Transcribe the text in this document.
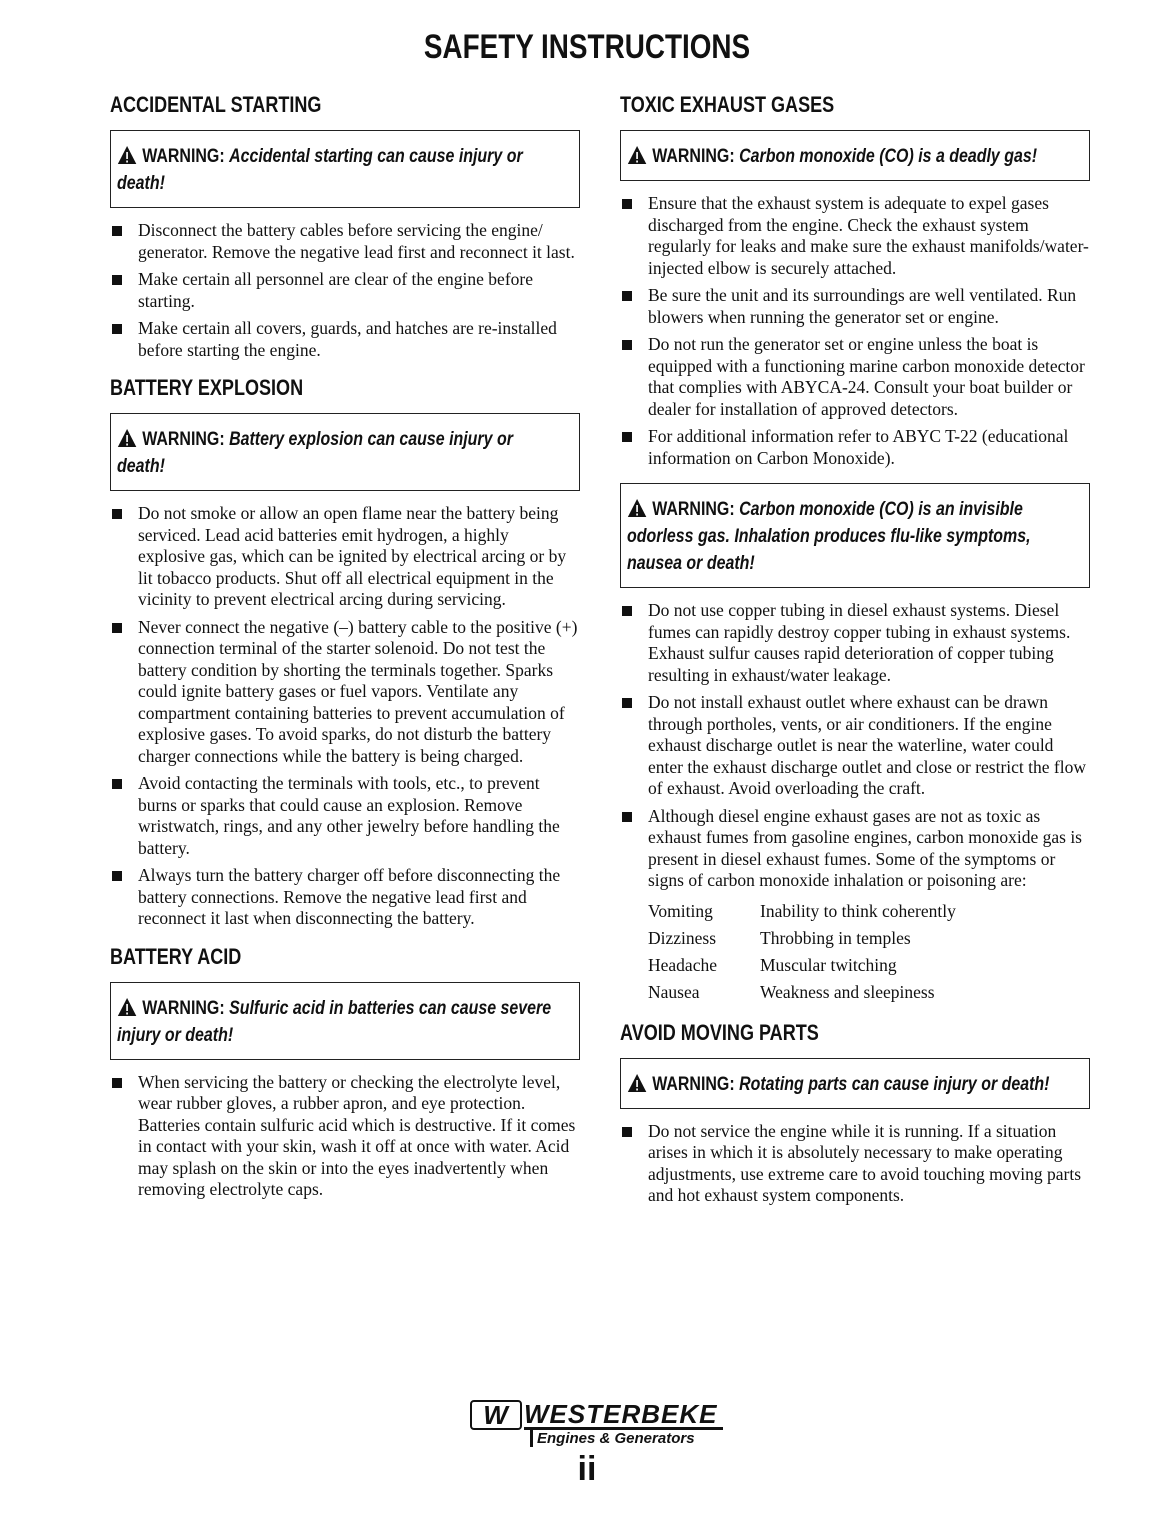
SAFETY INSTRUCTIONS
ACCIDENTAL STARTING
WARNING: Accidental starting can cause injury or death!
Disconnect the battery cables before servicing the engine/ generator. Remove the negative lead first and reconnect it last.
Make certain all personnel are clear of the engine before starting.
Make certain all covers, guards, and hatches are re-installed before starting the engine.
BATTERY EXPLOSION
WARNING: Battery explosion can cause injury or death!
Do not smoke or allow an open flame near the battery being serviced. Lead acid batteries emit hydrogen, a highly explosive gas, which can be ignited by electrical arcing or by lit tobacco products. Shut off all electrical equipment in the vicinity to prevent electrical arcing during servicing.
Never connect the negative (–) battery cable to the positive (+) connection terminal of the starter solenoid. Do not test the battery condition by shorting the terminals together. Sparks could ignite battery gases or fuel vapors. Ventilate any compartment containing batteries to prevent accumulation of explosive gases. To avoid sparks, do not disturb the battery charger connections while the battery is being charged.
Avoid contacting the terminals with tools, etc., to prevent burns or sparks that could cause an explosion. Remove wristwatch, rings, and any other jewelry before handling the battery.
Always turn the battery charger off before disconnecting the battery connections. Remove the negative lead first and reconnect it last when disconnecting the battery.
BATTERY ACID
WARNING: Sulfuric acid in batteries can cause severe injury or death!
When servicing the battery or checking the electrolyte level, wear rubber gloves, a rubber apron, and eye protection. Batteries contain sulfuric acid which is destructive. If it comes in contact with your skin, wash it off at once with water. Acid may splash on the skin or into the eyes inadvertently when removing electrolyte caps.
TOXIC EXHAUST GASES
WARNING: Carbon monoxide (CO) is a deadly gas!
Ensure that the exhaust system is adequate to expel gases discharged from the engine. Check the exhaust system regularly for leaks and make sure the exhaust manifolds/water-injected elbow is securely attached.
Be sure the unit and its surroundings are well ventilated. Run blowers when running the generator set or engine.
Do not run the generator set or engine unless the boat is equipped with a functioning marine carbon monoxide detector that complies with ABYCA-24. Consult your boat builder or dealer for installation of approved detectors.
For additional information refer to ABYC T-22 (educational information on Carbon Monoxide).
WARNING: Carbon monoxide (CO) is an invisible odorless gas. Inhalation produces flu-like symptoms, nausea or death!
Do not use copper tubing in diesel exhaust systems. Diesel fumes can rapidly destroy copper tubing in exhaust systems. Exhaust sulfur causes rapid deterioration of copper tubing resulting in exhaust/water leakage.
Do not install exhaust outlet where exhaust can be drawn through portholes, vents, or air conditioners. If the engine exhaust discharge outlet is near the waterline, water could enter the exhaust discharge outlet and close or restrict the flow of exhaust. Avoid overloading the craft.
Although diesel engine exhaust gases are not as toxic as exhaust fumes from gasoline engines, carbon monoxide gas is present in diesel exhaust fumes. Some of the symptoms or signs of carbon monoxide inhalation or poisoning are:
Vomiting	Inability to think coherently
Dizziness	Throbbing in temples
Headache	Muscular twitching
Nausea	Weakness and sleepiness
AVOID MOVING PARTS
WARNING: Rotating parts can cause injury or death!
Do not service the engine while it is running. If a situation arises in which it is absolutely necessary to make operating adjustments, use extreme care to avoid touching moving parts and hot exhaust system components.
W WESTERBEKE
Engines & Generators
ii
